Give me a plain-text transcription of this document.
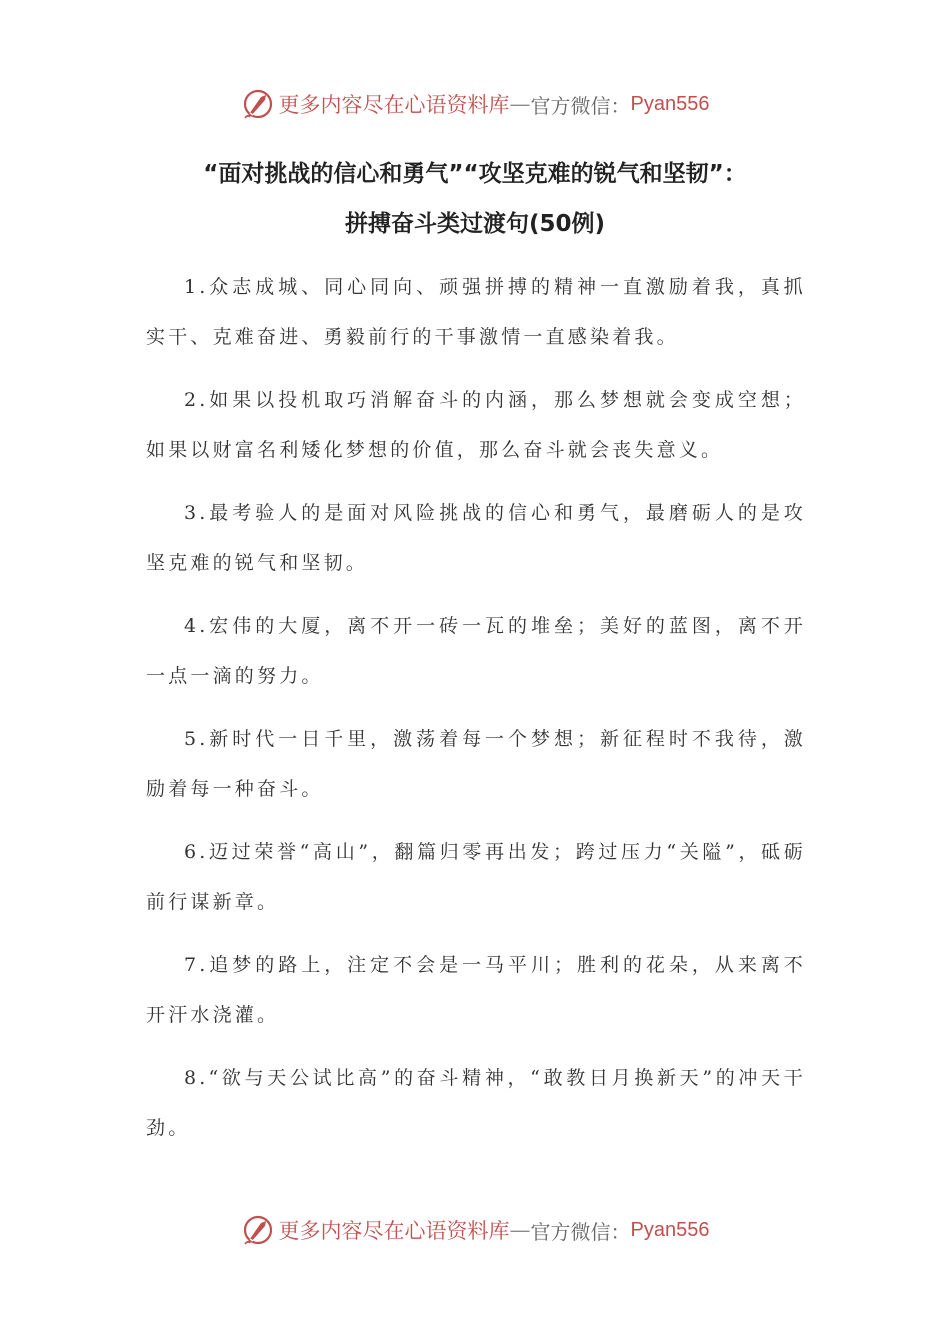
更多内容尽在心语资料库 — 官方微信： Pyan556
“面对挑战的信心和勇气”“攻坚克难的锐气和坚韧”：
拼搏奋斗类过渡句(50例)

1.众志成城、同心同向、顽强拼搏的精神一直激励着我，真抓实干、克难奋进、勇毅前行的干事激情一直感染着我。

2.如果以投机取巧消解奋斗的内涵，那么梦想就会变成空想；如果以财富名利矮化梦想的价值，那么奋斗就会丧失意义。

3.最考验人的是面对风险挑战的信心和勇气，最磨砺人的是攻坚克难的锐气和坚韧。

4.宏伟的大厦，离不开一砖一瓦的堆垒；美好的蓝图，离不开一点一滴的努力。

5.新时代一日千里，激荡着每一个梦想；新征程时不我待，激励着每一种奋斗。

6.迈过荣誉“高山”，翻篇归零再出发；跨过压力“关隘”，砥砺前行谋新章。

7.追梦的路上，注定不会是一马平川；胜利的花朵，从来离不开汗水浇灌。

8.“欲与天公试比高”的奋斗精神，“敢教日月换新天”的冲天干劲。

更多内容尽在心语资料库 — 官方微信： Pyan556
